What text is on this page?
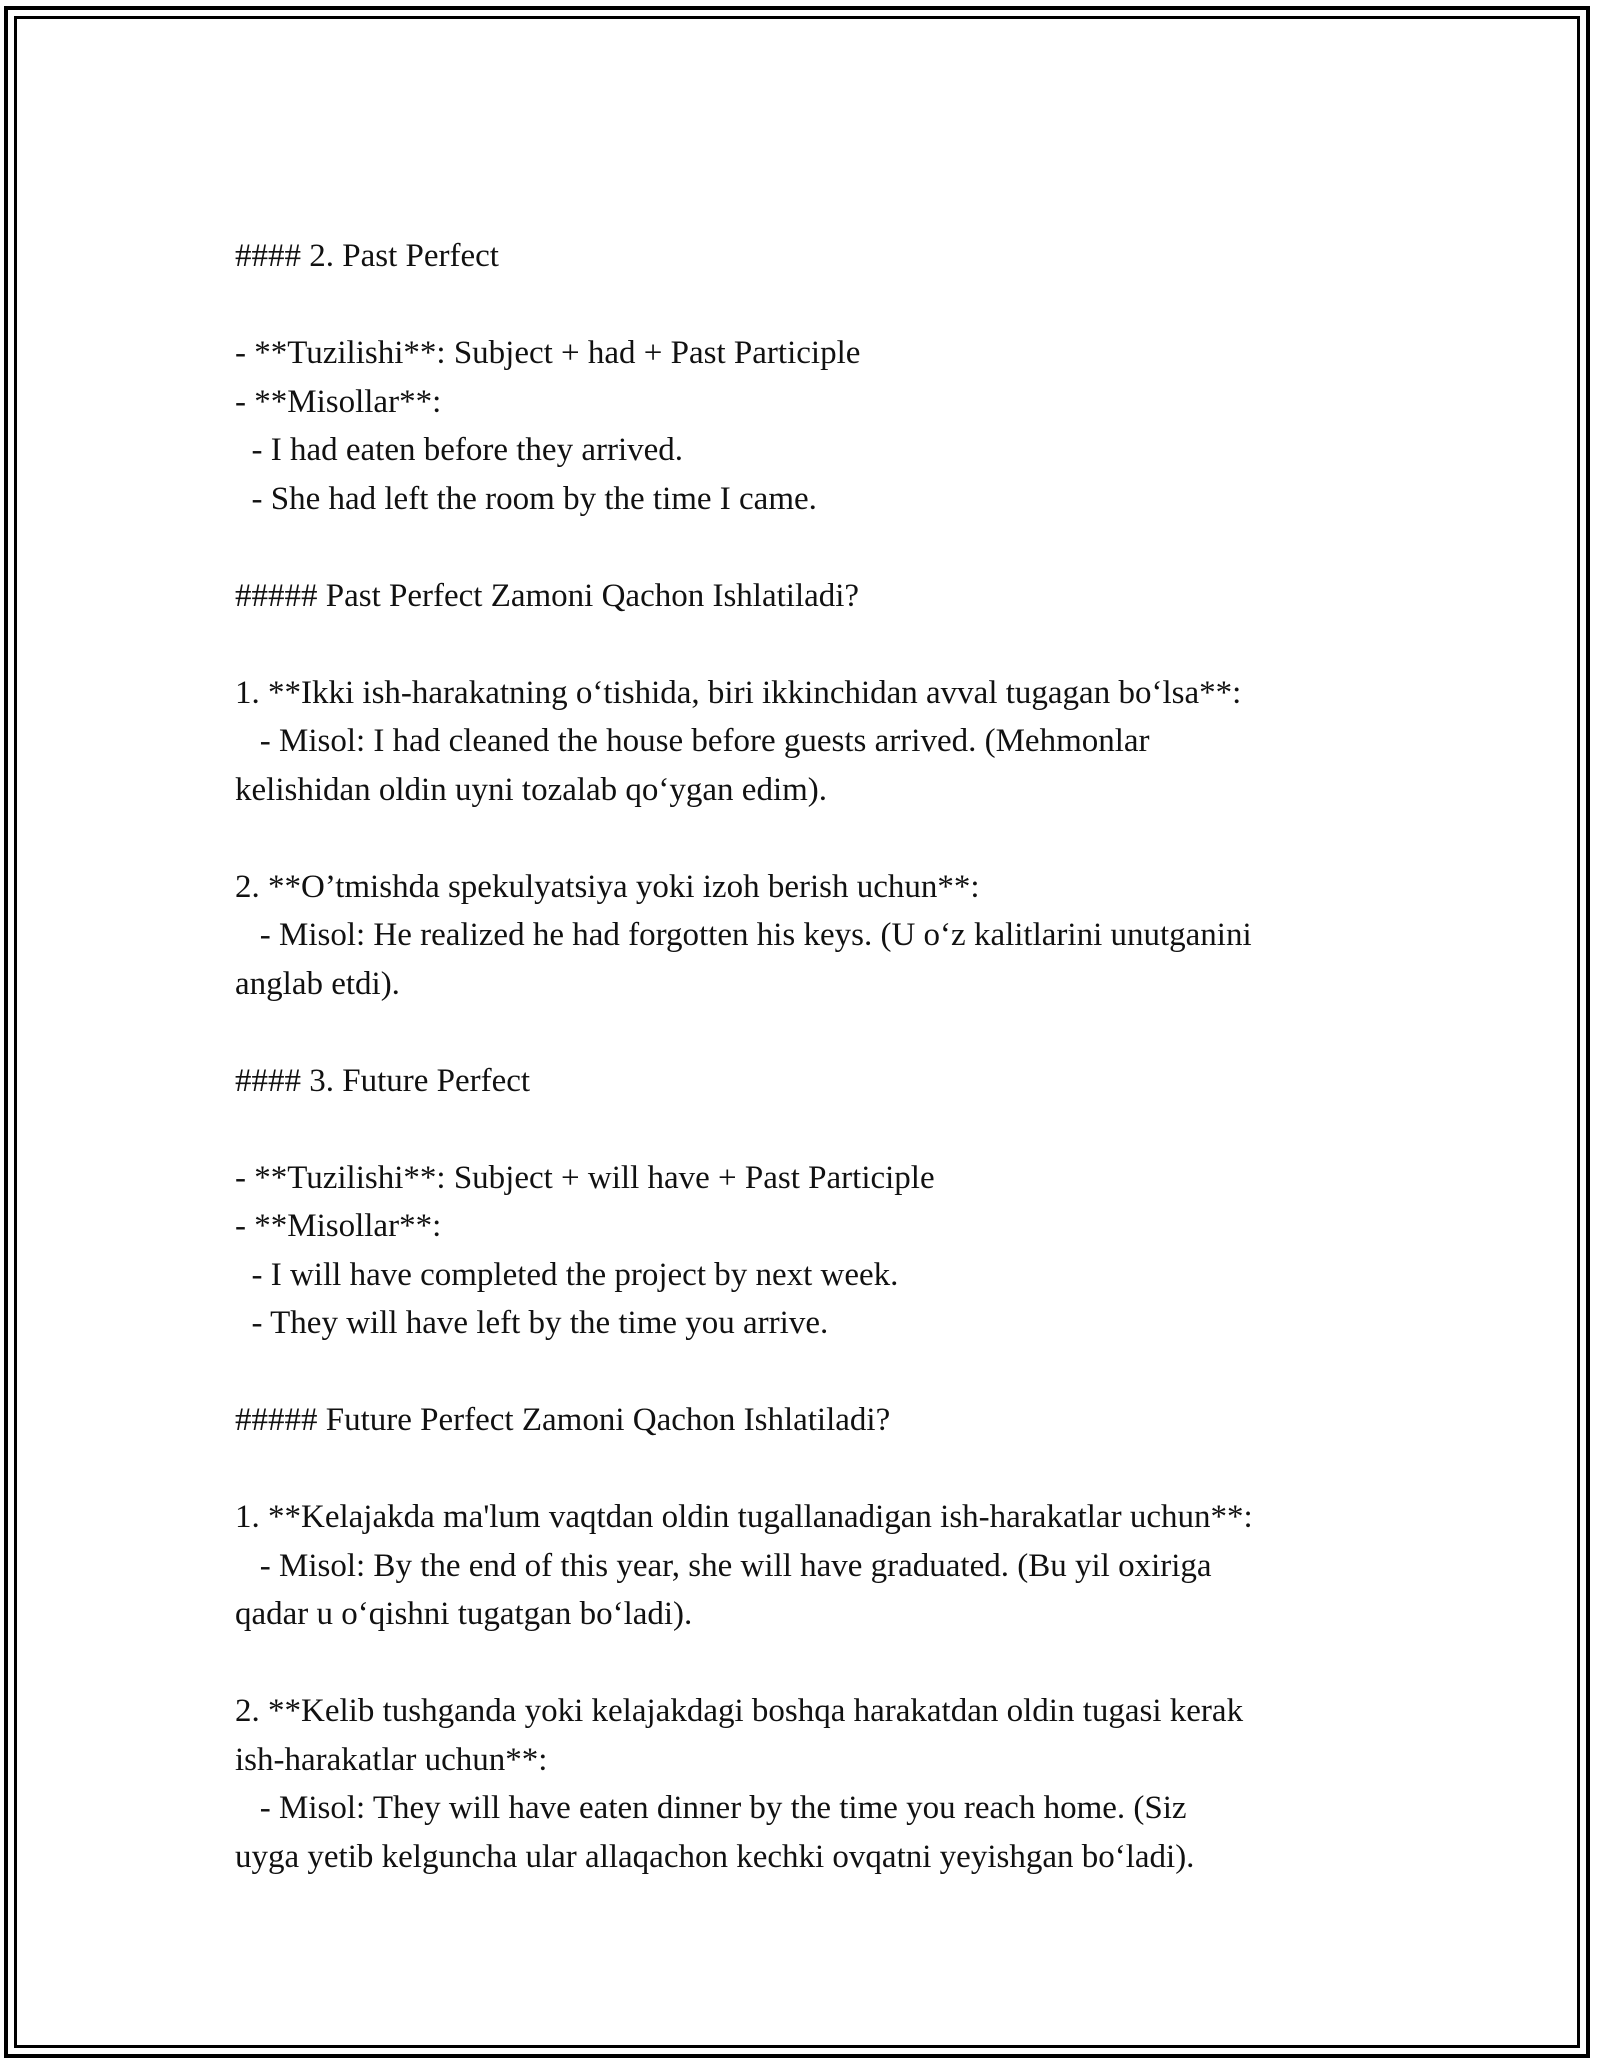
#### 2. Past Perfect
- **Tuzilishi**: Subject + had + Past Participle
- **Misollar**:
- I had eaten before they arrived.
- She had left the room by the time I came.
##### Past Perfect Zamoni Qachon Ishlatiladi?
1. **Ikki ish-harakatning o‘tishida, biri ikkinchidan avval tugagan bo‘lsa**:
- Misol: I had cleaned the house before guests arrived. (Mehmonlar
kelishidan oldin uyni tozalab qo‘ygan edim).
2. **O’tmishda spekulyatsiya yoki izoh berish uchun**:
- Misol: He realized he had forgotten his keys. (U o‘z kalitlarini unutganini
anglab etdi).
#### 3. Future Perfect
- **Tuzilishi**: Subject + will have + Past Participle
- **Misollar**:
- I will have completed the project by next week.
- They will have left by the time you arrive.
##### Future Perfect Zamoni Qachon Ishlatiladi?
1. **Kelajakda ma'lum vaqtdan oldin tugallanadigan ish-harakatlar uchun**:
- Misol: By the end of this year, she will have graduated. (Bu yil oxiriga
qadar u o‘qishni tugatgan bo‘ladi).
2. **Kelib tushganda yoki kelajakdagi boshqa harakatdan oldin tugasi kerak
ish-harakatlar uchun**:
- Misol: They will have eaten dinner by the time you reach home. (Siz
uyga yetib kelguncha ular allaqachon kechki ovqatni yeyishgan bo‘ladi).
